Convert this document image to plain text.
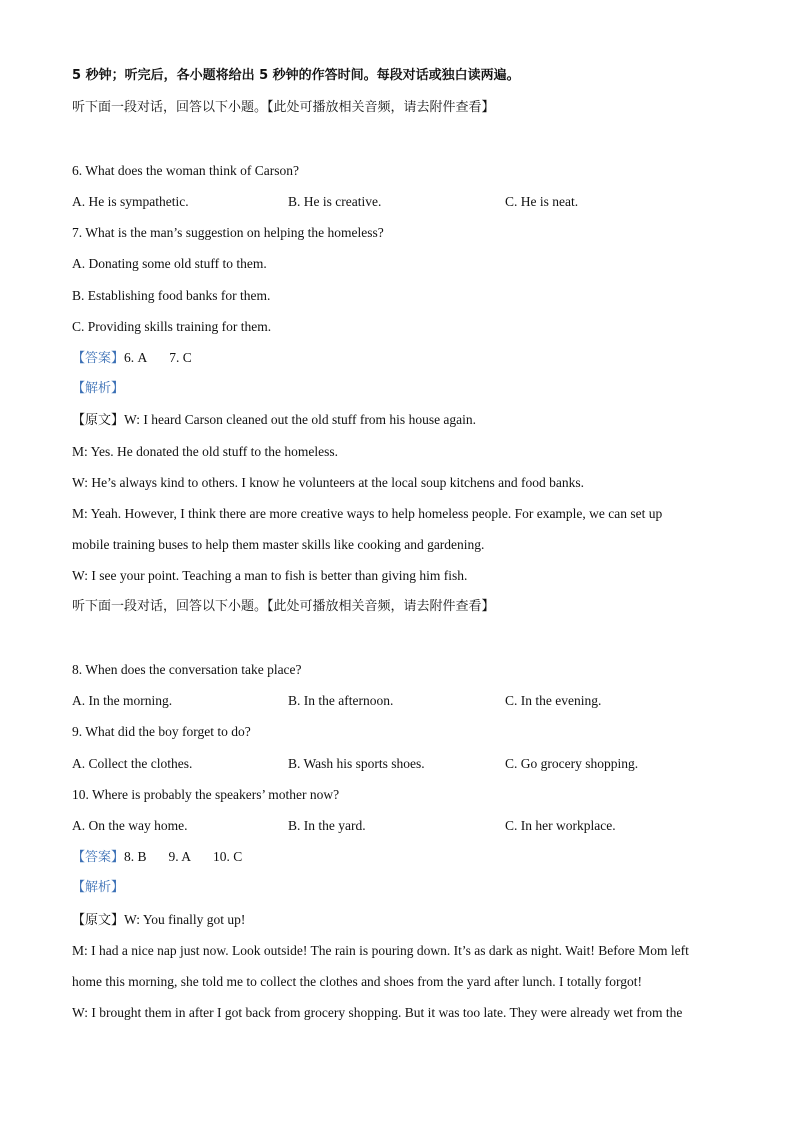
5 秒钟；听完后，各小题将给出 5 秒钟的作答时间。每段对话或独白读两遍。
听下面一段对话，回答以下小题。【此处可播放相关音频，请去附件查看】
6. What does the woman think of Carson?
A. He is sympathetic.	B. He is creative.	C. He is neat.
7. What is the man’s suggestion on helping the homeless?
A. Donating some old stuff to them.
B. Establishing food banks for them.
C. Providing skills training for them.
【答案】6. A 7. C
【解析】
【原文】W: I heard Carson cleaned out the old stuff from his house again.
M: Yes. He donated the old stuff to the homeless.
W: He’s always kind to others. I know he volunteers at the local soup kitchens and food banks.
M: Yeah. However, I think there are more creative ways to help homeless people. For example, we can set up
mobile training buses to help them master skills like cooking and gardening.
W: I see your point. Teaching a man to fish is better than giving him fish.
听下面一段对话，回答以下小题。【此处可播放相关音频，请去附件查看】
8. When does the conversation take place?
A. In the morning.	B. In the afternoon.	C. In the evening.
9. What did the boy forget to do?
A. Collect the clothes.	B. Wash his sports shoes.	C. Go grocery shopping.
10. Where is probably the speakers’ mother now?
A. On the way home.	B. In the yard.	C. In her workplace.
【答案】8. B 9. A 10. C
【解析】
【原文】W: You finally got up!
M: I had a nice nap just now. Look outside! The rain is pouring down. It’s as dark as night. Wait! Before Mom left
home this morning, she told me to collect the clothes and shoes from the yard after lunch. I totally forgot!
W: I brought them in after I got back from grocery shopping. But it was too late. They were already wet from the
